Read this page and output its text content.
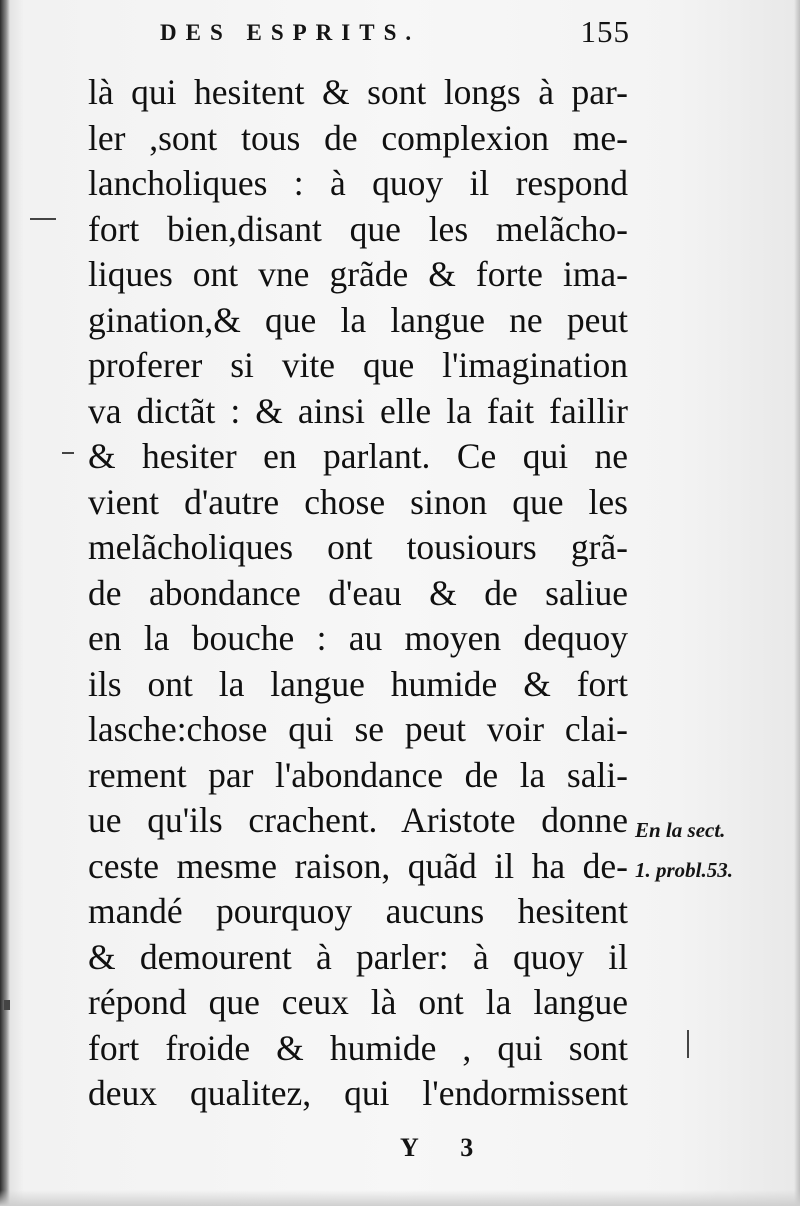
DES ESPRITS.	155
là qui hesitent & sont longs à par-
ler ,sont tous de complexion me-
lancholiques : à quoy il respond
fort bien,disant que les melãcho-
liques ont vne grãde & forte ima-
gination,& que la langue ne peut
proferer si vite que l'imagination
va dictãt : & ainsi elle la fait faillir
& hesiter en parlant. Ce qui ne
vient d'autre chose sinon que les
melãcholiques ont tousiours grã-
de abondance d'eau & de saliue
en la bouche : au moyen dequoy
ils ont la langue humide & fort
lasche:chose qui se peut voir clai-
rement par l'abondance de la sali-
ue qu'ils crachent. Aristote donne
ceste mesme raison, quãd il ha de-
mandé pourquoy aucuns hesitent
& demourent à parler: à quoy il
répond que ceux là ont la langue
fort froide & humide , qui sont
deux qualitez, qui l'endormissent
En la sect.
1. probl.53.
Y 3
